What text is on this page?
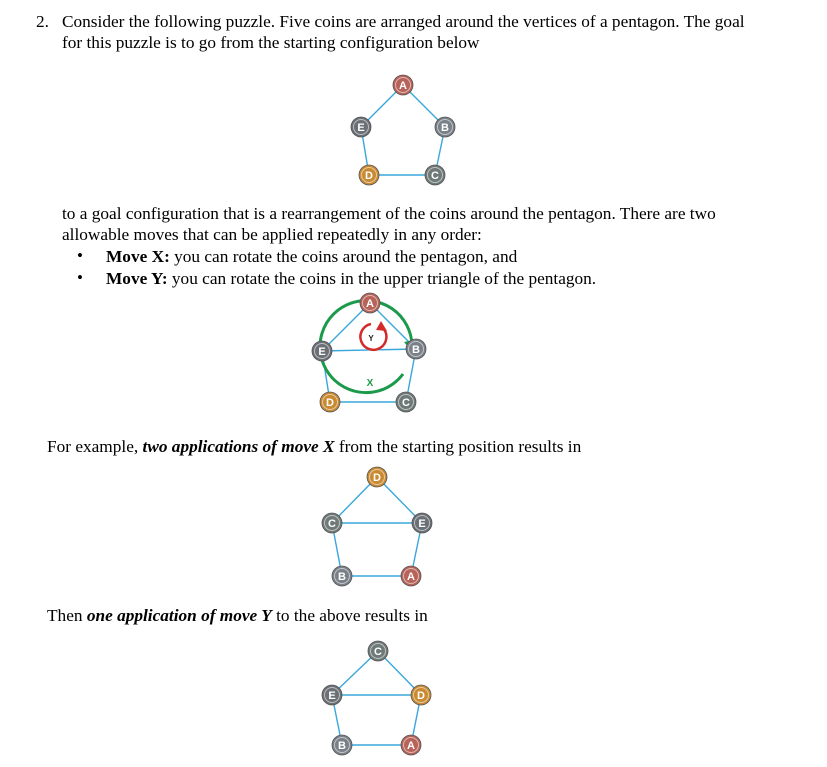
2. Consider the following puzzle. Five coins are arranged around the vertices of a pentagon. The goal
for this puzzle is to go from the starting configuration below
A
B
C
D
E
to a goal configuration that is a rearrangement of the coins around the pentagon. There are two
allowable moves that can be applied repeatedly in any order:
• Move X: you can rotate the coins around the pentagon, and
• Move Y: you can rotate the coins in the upper triangle of the pentagon.
X
Y
A
B
C
D
E
For example, two applications of move X from the starting position results in
D
E
A
B
C
Then one application of move Y to the above results in
C
D
A
B
E
